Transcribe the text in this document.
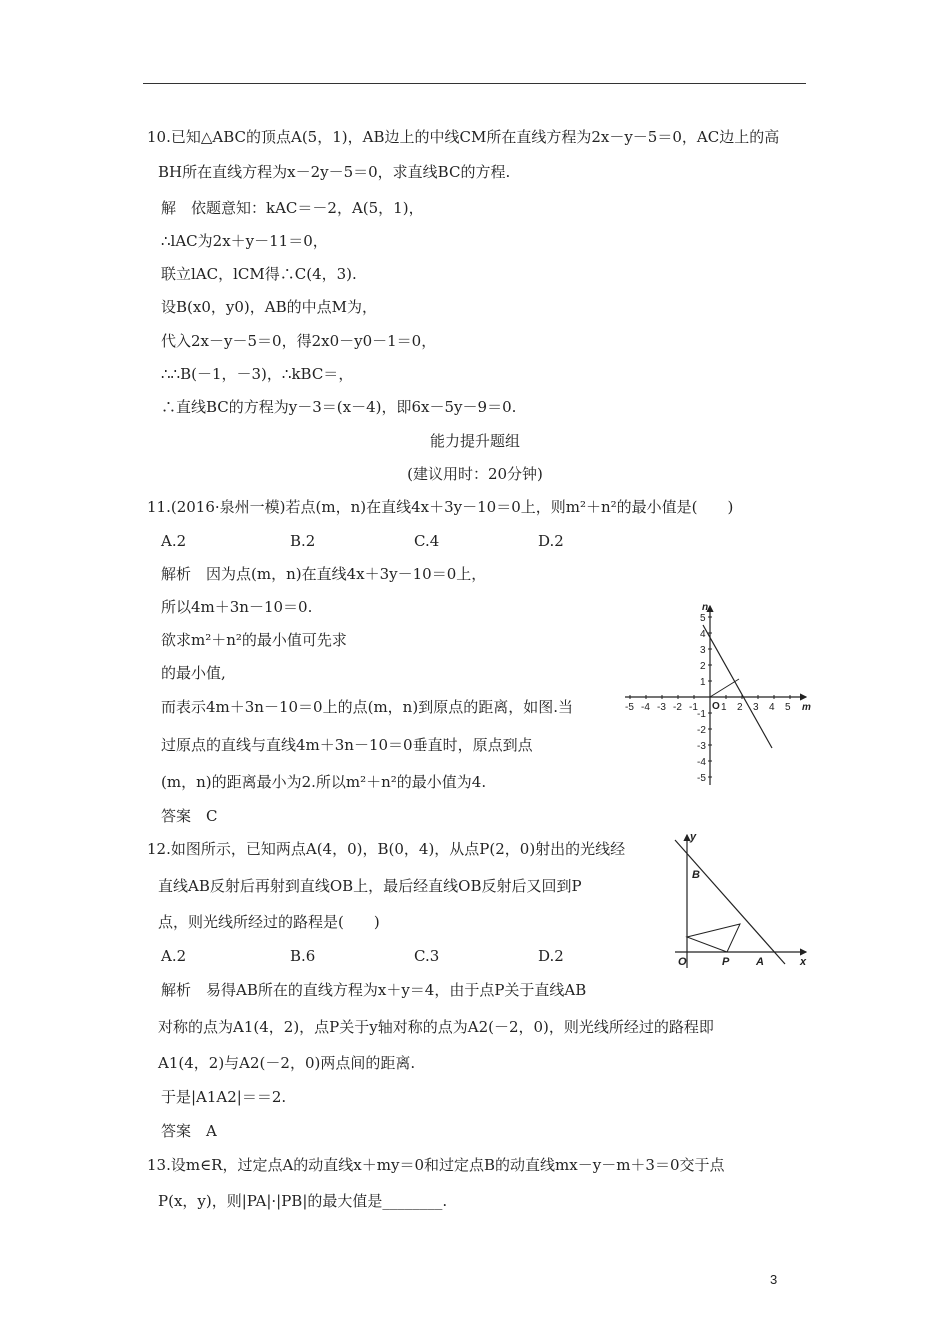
10.已知△ABC的顶点A(5，1)，AB边上的中线CM所在直线方程为2x－y－5＝0，AC边上的高
BH所在直线方程为x－2y－5＝0，求直线BC的方程.
解　依题意知：kAC＝－2，A(5，1)，
∴lAC为2x＋y－11＝0，
联立lAC，lCM得∴C(4，3).
设B(x0，y0)，AB的中点M为，
代入2x－y－5＝0，得2x0－y0－1＝0，
∴∴B(－1，－3)，∴kBC＝，
∴直线BC的方程为y－3＝(x－4)，即6x－5y－9＝0.
能力提升题组
(建议用时：20分钟)
11.(2016·泉州一模)若点(m，n)在直线4x＋3y－10＝0上，则m²＋n²的最小值是(　　)
A.2	B.2	C.4	D.2
解析　因为点(m，n)在直线4x＋3y－10＝0上，
所以4m＋3n－10＝0.
欲求m²＋n²的最小值可先求
的最小值,
而表示4m＋3n－10＝0上的点(m，n)到原点的距离，如图.当
过原点的直线与直线4m＋3n－10＝0垂直时，原点到点
(m，n)的距离最小为2.所以m²＋n²的最小值为4.
答案　C
n
m
O
-5 -4 -3 -2 -1 1 2 3 4 5
5
4
3
2
1
-1
-2
-3
-4
-5
12.如图所示，已知两点A(4，0)，B(0，4)，从点P(2，0)射出的光线经
直线AB反射后再射到直线OB上，最后经直线OB反射后又回到P
点，则光线所经过的路程是(　　)
A.2	B.6	C.3	D.2
解析　易得AB所在的直线方程为x＋y＝4，由于点P关于直线AB
对称的点为A1(4，2)，点P关于y轴对称的点为A2(－2，0)，则光线所经过的路程即
A1(4，2)与A2(－2，0)两点间的距离.
于是|A1A2|＝＝2.
答案　A
y
x
B
O	P A
13.设m∈R，过定点A的动直线x＋my＝0和过定点B的动直线mx－y－m＋3＝0交于点
P(x，y)，则|PA|·|PB|的最大值是________.
3
